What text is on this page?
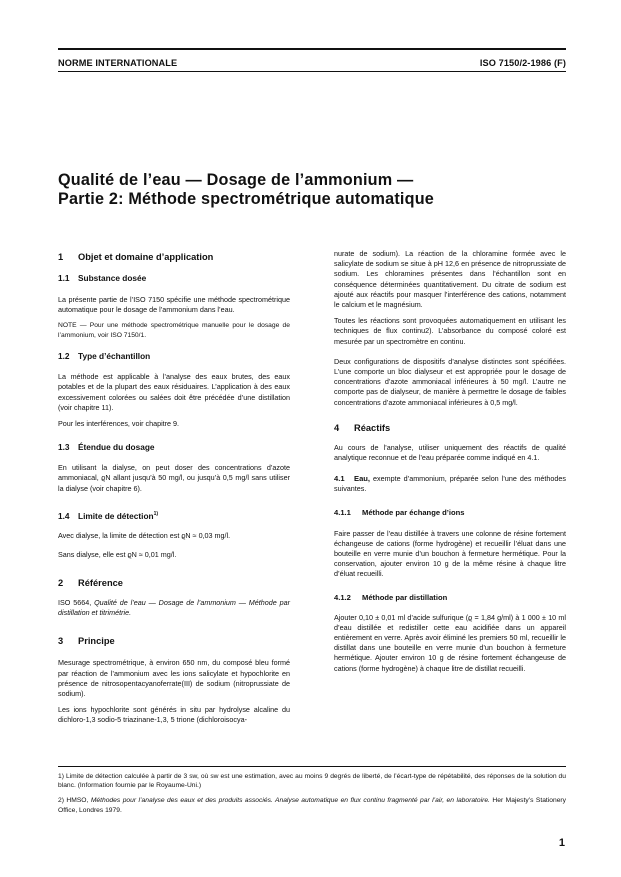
NORME INTERNATIONALE	ISO 7150/2-1986 (F)
Qualité de l’eau — Dosage de l’ammonium —
Partie 2: Méthode spectrométrique automatique
1 Objet et domaine d’application
1.1 Substance dosée

La présente partie de l’ISO 7150 spécifie une méthode spectrométrique automatique pour le dosage de l’ammonium dans l’eau.

NOTE — Pour une méthode spectrométrique manuelle pour le dosage de l’ammonium, voir ISO 7150/1.

1.2 Type d’échantillon

La méthode est applicable à l’analyse des eaux brutes, des eaux potables et de la plupart des eaux résiduaires. L’application à des eaux excessivement colorées ou salées doit être précédée d’une distillation (voir chapitre 11).

Pour les interférences, voir chapitre 9.

1.3 Étendue du dosage

En utilisant la dialyse, on peut doser des concentrations d’azote ammoniacal, ϱN allant jusqu’à 50 mg/l, ou jusqu’à 0,5 mg/l sans utiliser la dialyse (voir chapitre 6).

1.4 Limite de détection$^{1)}$

Avec dialyse, la limite de détection est ϱN ≈ 0,03 mg/l.

Sans dialyse, elle est ϱN ≈ 0,01 mg/l.

2 Référence

ISO 5664, Qualité de l’eau — Dosage de l’ammonium — Méthode par distillation et titrimétrie.

3 Principe

Mesurage spectrométrique, à environ 650 nm, du composé bleu formé par réaction de l’ammonium avec les ions salicylate et hypochlorite en présence de nitrosopentacyanoferrate(III) de sodium (nitroprussiate de sodium).

Les ions hypochlorite sont générés in situ par hydrolyse alcaline du dichloro-1,3 sodio-5 triazinane-1,3, 5 trione (dichloroisocya-

nurate de sodium). La réaction de la chloramine formée avec le salicylate de sodium se situe à pH 12,6 en présence de nitroprussiate de sodium. Les chloramines présentes dans l’échantillon sont en conséquence déterminées quantitativement. Du citrate de sodium est ajouté aux réactifs pour masquer l’interférence des cations, notamment le calcium et le magnésium.

Toutes les réactions sont provoquées automatiquement en utilisant les techniques de flux continu2). L’absorbance du composé coloré est mesurée par un spectromètre en continu.

Deux configurations de dispositifs d’analyse distinctes sont spécifiées. L’une comporte un bloc dialyseur et est appropriée pour le dosage de concentrations d’azote ammoniacal inférieures à 50 mg/l. L’autre ne comporte pas de dialyseur, de manière à permettre le dosage de faibles concentrations d’azote ammoniacal inférieures à 0,5 mg/l.

4 Réactifs

Au cours de l’analyse, utiliser uniquement des réactifs de qualité analytique reconnue et de l’eau préparée comme indiqué en 4.1.

4.1 Eau, exempte d’ammonium, préparée selon l’une des méthodes suivantes.

4.1.1 Méthode par échange d’ions

Faire passer de l’eau distillée à travers une colonne de résine fortement échangeuse de cations (forme hydrogène) et recueillir l’éluat dans une bouteille en verre munie d’un bouchon à fermeture hermétique. Pour la conservation, ajouter environ 10 g de la même résine à chaque litre d’éluat recueilli.

4.1.2 Méthode par distillation

Ajouter 0,10 ± 0,01 ml d’acide sulfurique (ϱ = 1,84 g/ml) à 1 000 ± 10 ml d’eau distillée et redistiller cette eau acidifiée dans un appareil entièrement en verre. Après avoir éliminé les premiers 50 ml, recueillir le distillat dans une bouteille en verre munie d’un bouchon à fermeture hermétique. Ajouter environ 10 g de résine fortement échangeuse de cations (forme hydrogène) à chaque litre de distillat recueilli.

1) Limite de détection calculée à partir de 3 sw, où sw est une estimation, avec au moins 9 degrés de liberté, de l’écart-type de répétabilité, des réponses de la solution du blanc. (Information fournie par le Royaume-Uni.)

2) HMSO, Méthodes pour l’analyse des eaux et des produits associés. Analyse automatique en flux continu fragmenté par l’air, en laboratoire. Her Majesty’s Stationery Office, Londres 1979.

1
